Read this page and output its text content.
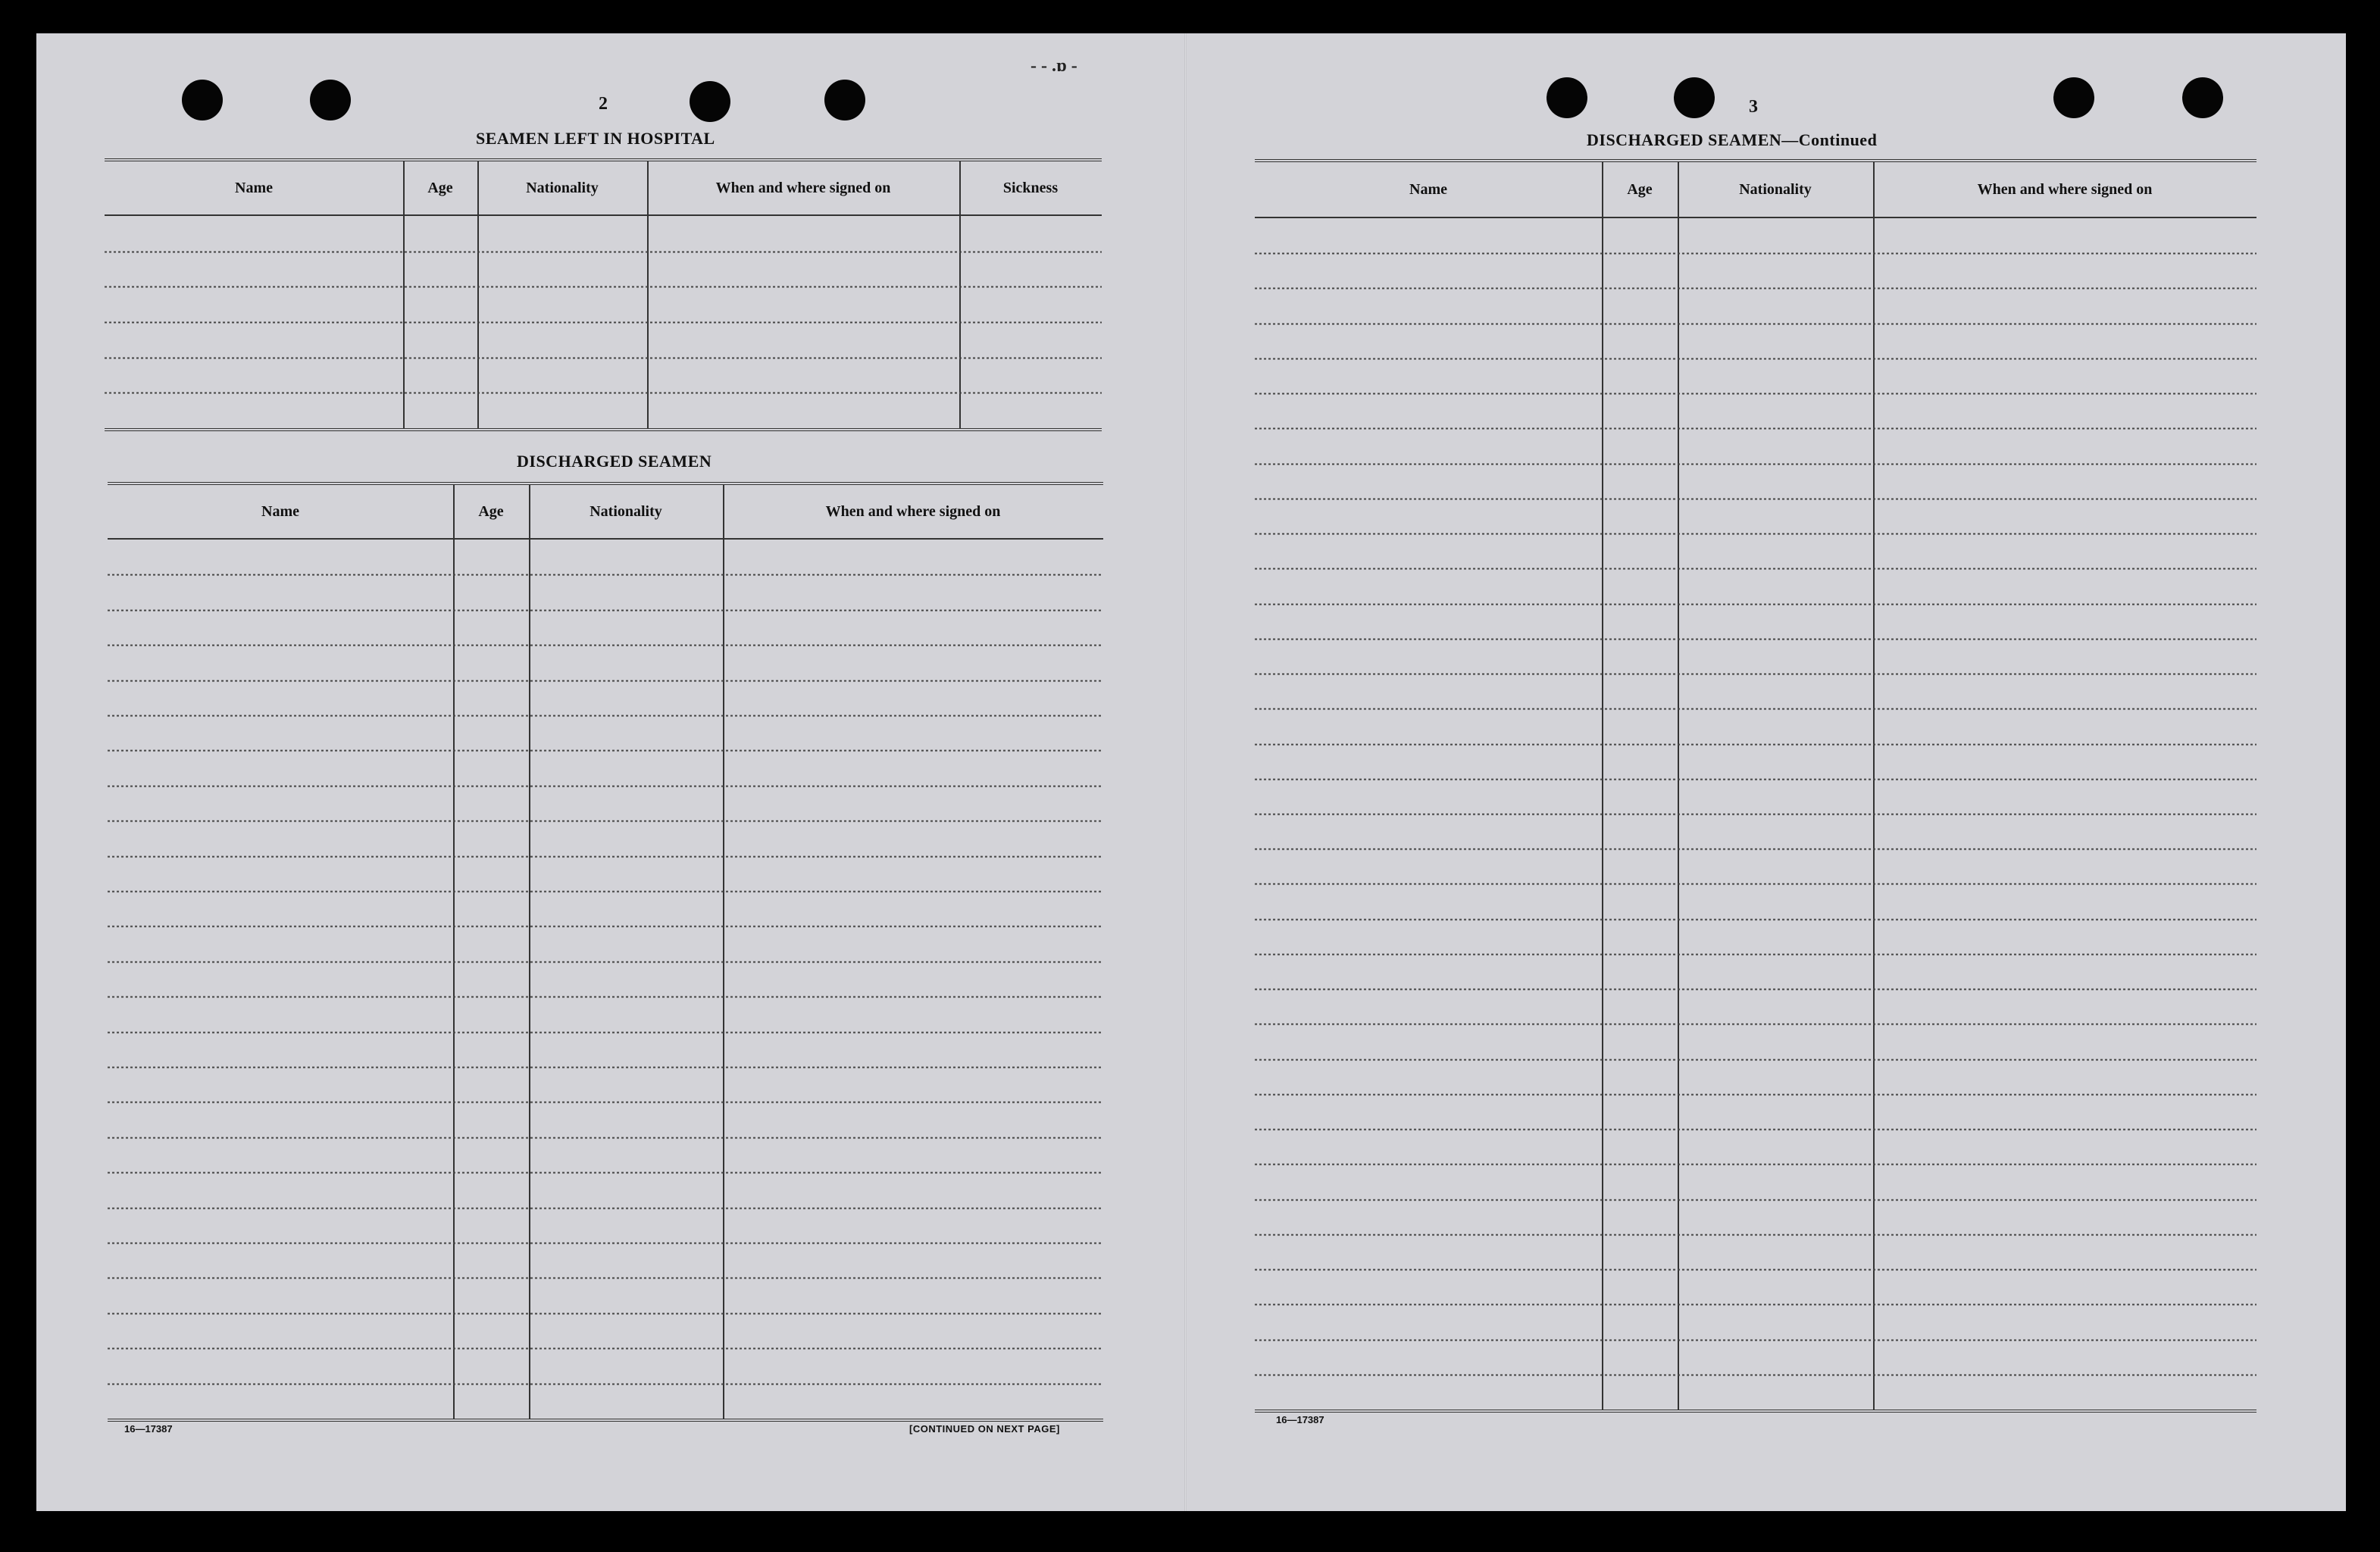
- - .ɒ -
2
SEAMEN LEFT IN HOSPITAL
Name	Age	Nationality	When and where signed on	Sickness
DISCHARGED SEAMEN
Name	Age	Nationality	When and where signed on
16—17387	[CONTINUED ON NEXT PAGE]
3
DISCHARGED SEAMEN—Continued
Name	Age	Nationality	When and where signed on
16—17387
